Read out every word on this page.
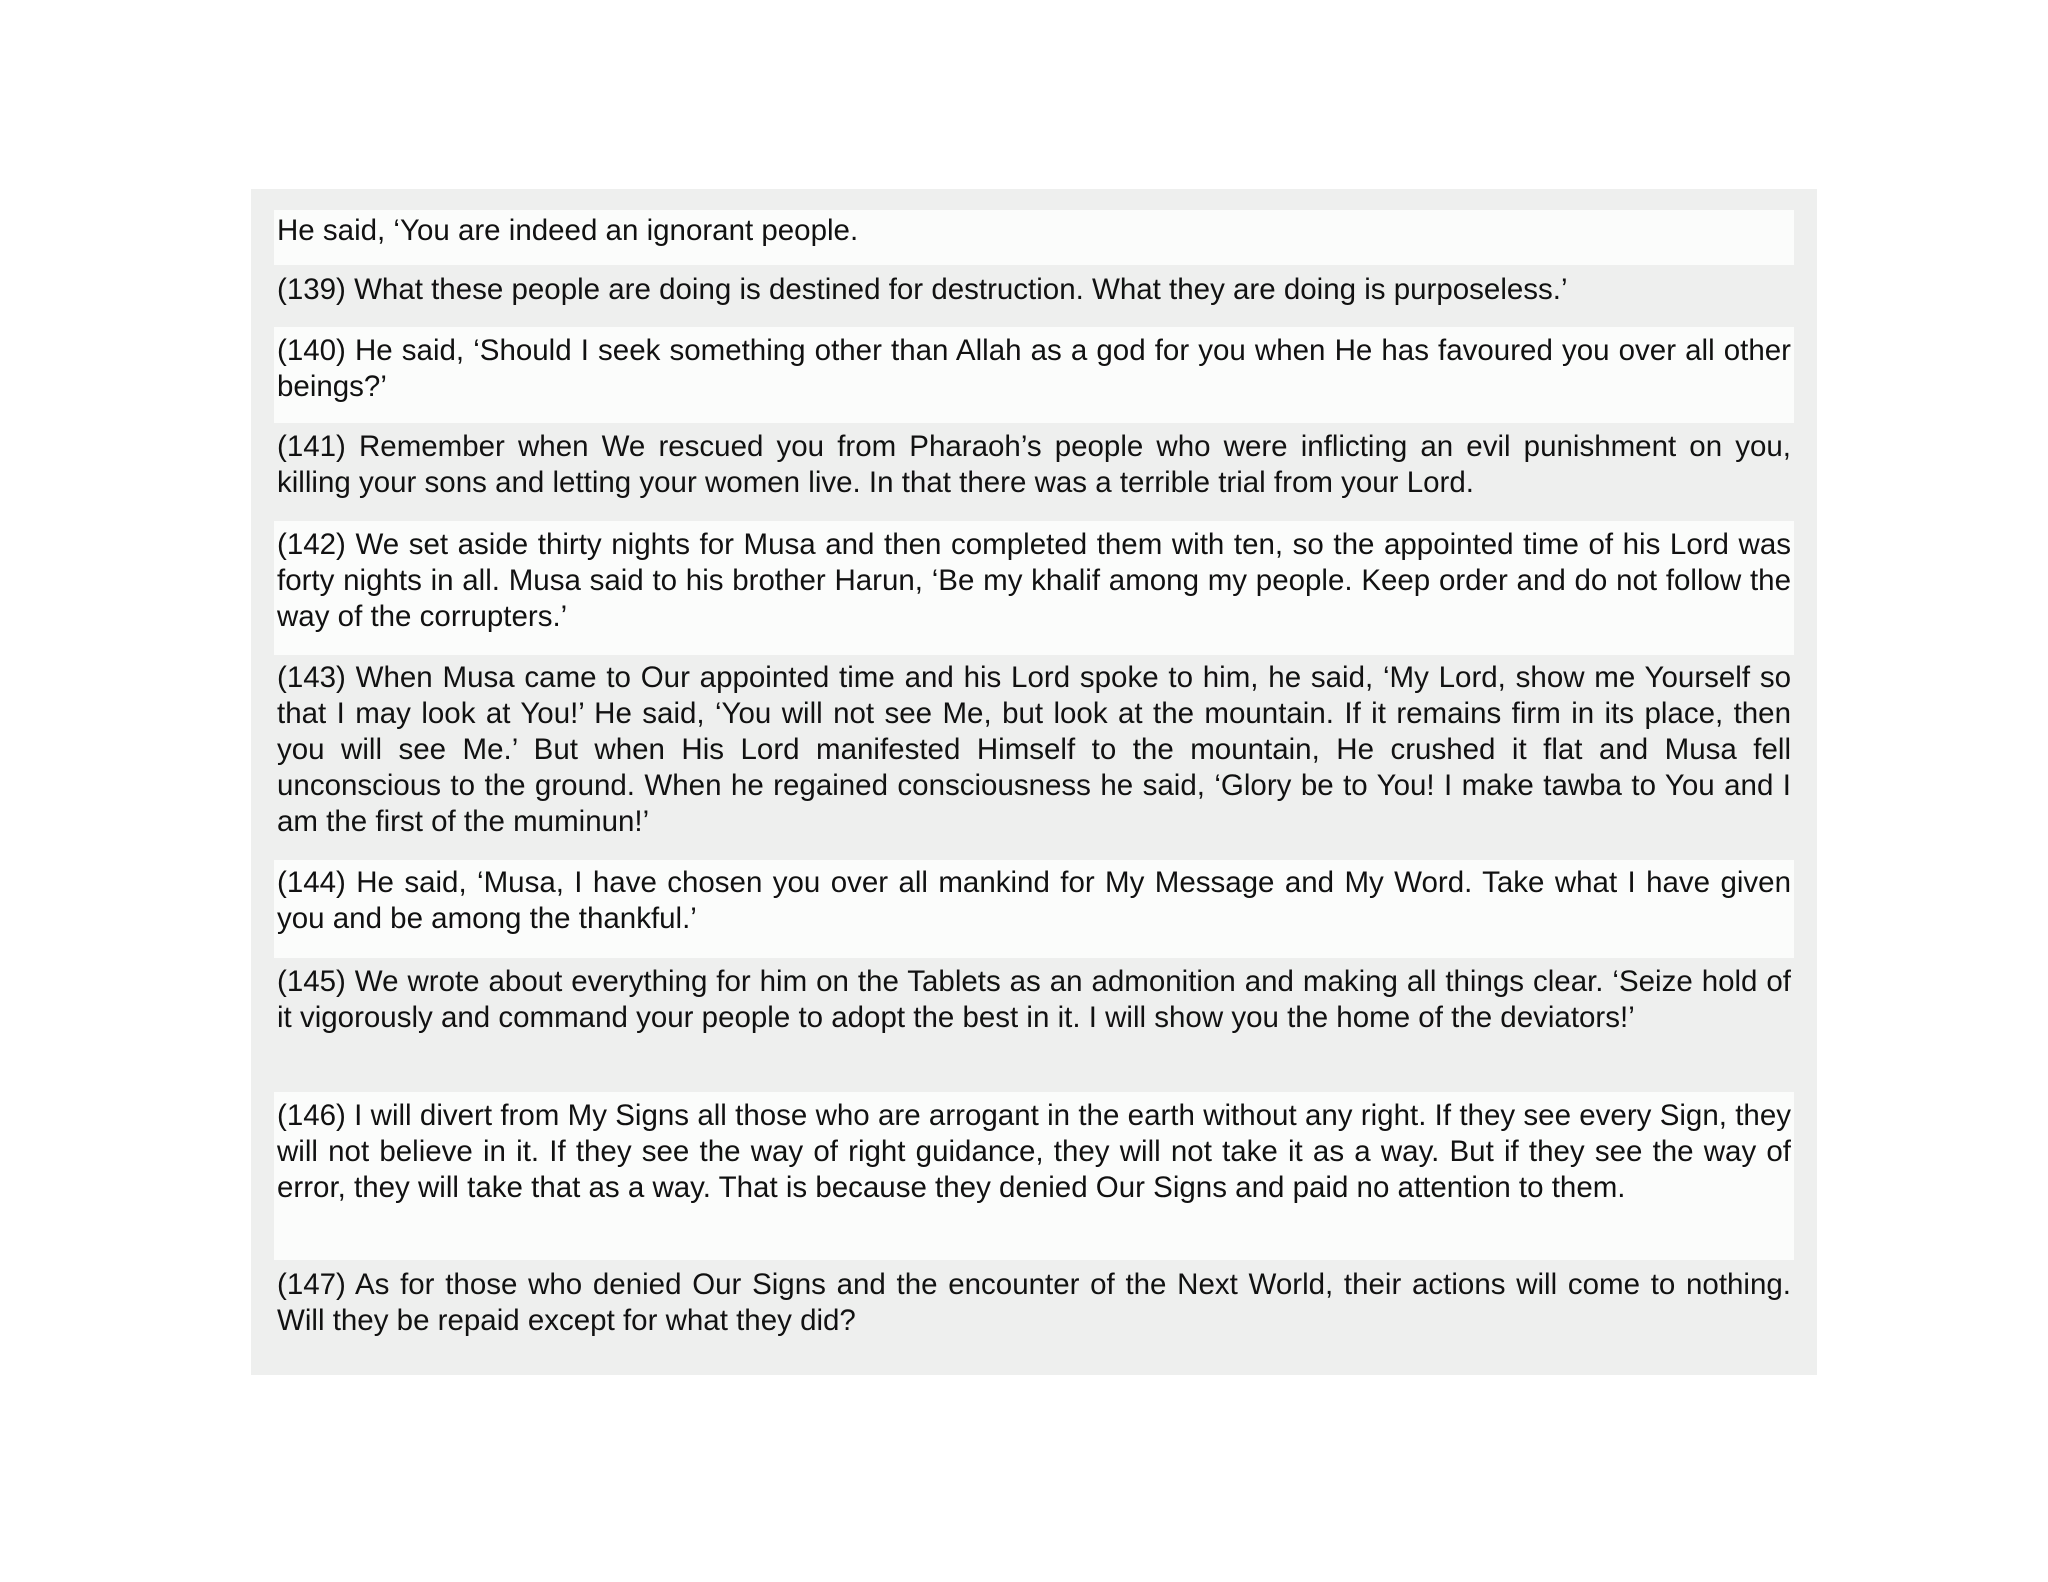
He said, ‘You are indeed an ignorant people.

(139) What these people are doing is destined for destruction. What they are doing is purposeless.’

(140) He said, ‘Should I seek something other than Allah as a god for you when He has favoured you over all other beings?’

(141) Remember when We rescued you from Pharaoh’s people who were inflicting an evil punishment on you, killing your sons and letting your women live. In that there was a terrible trial from your Lord.

(142) We set aside thirty nights for Musa and then completed them with ten, so the appointed time of his Lord was forty nights in all. Musa said to his brother Harun, ‘Be my khalif among my people. Keep order and do not follow the way of the corrupters.’

(143) When Musa came to Our appointed time and his Lord spoke to him, he said, ‘My Lord, show me Yourself so that I may look at You!’ He said, ‘You will not see Me, but look at the mountain. If it remains firm in its place, then you will see Me.’ But when His Lord manifested Himself to the mountain, He crushed it flat and Musa fell unconscious to the ground. When he regained consciousness he said, ‘Glory be to You! I make tawba to You and I am the first of the muminun!’

(144) He said, ‘Musa, I have chosen you over all mankind for My Message and My Word. Take what I have given you and be among the thankful.’

(145) We wrote about everything for him on the Tablets as an admonition and making all things clear. ‘Seize hold of it vigorously and command your people to adopt the best in it. I will show you the home of the deviators!’

(146) I will divert from My Signs all those who are arrogant in the earth without any right. If they see every Sign, they will not believe in it. If they see the way of right guidance, they will not take it as a way. But if they see the way of error, they will take that as a way. That is because they denied Our Signs and paid no attention to them.

(147) As for those who denied Our Signs and the encounter of the Next World, their actions will come to nothing. Will they be repaid except for what they did?
